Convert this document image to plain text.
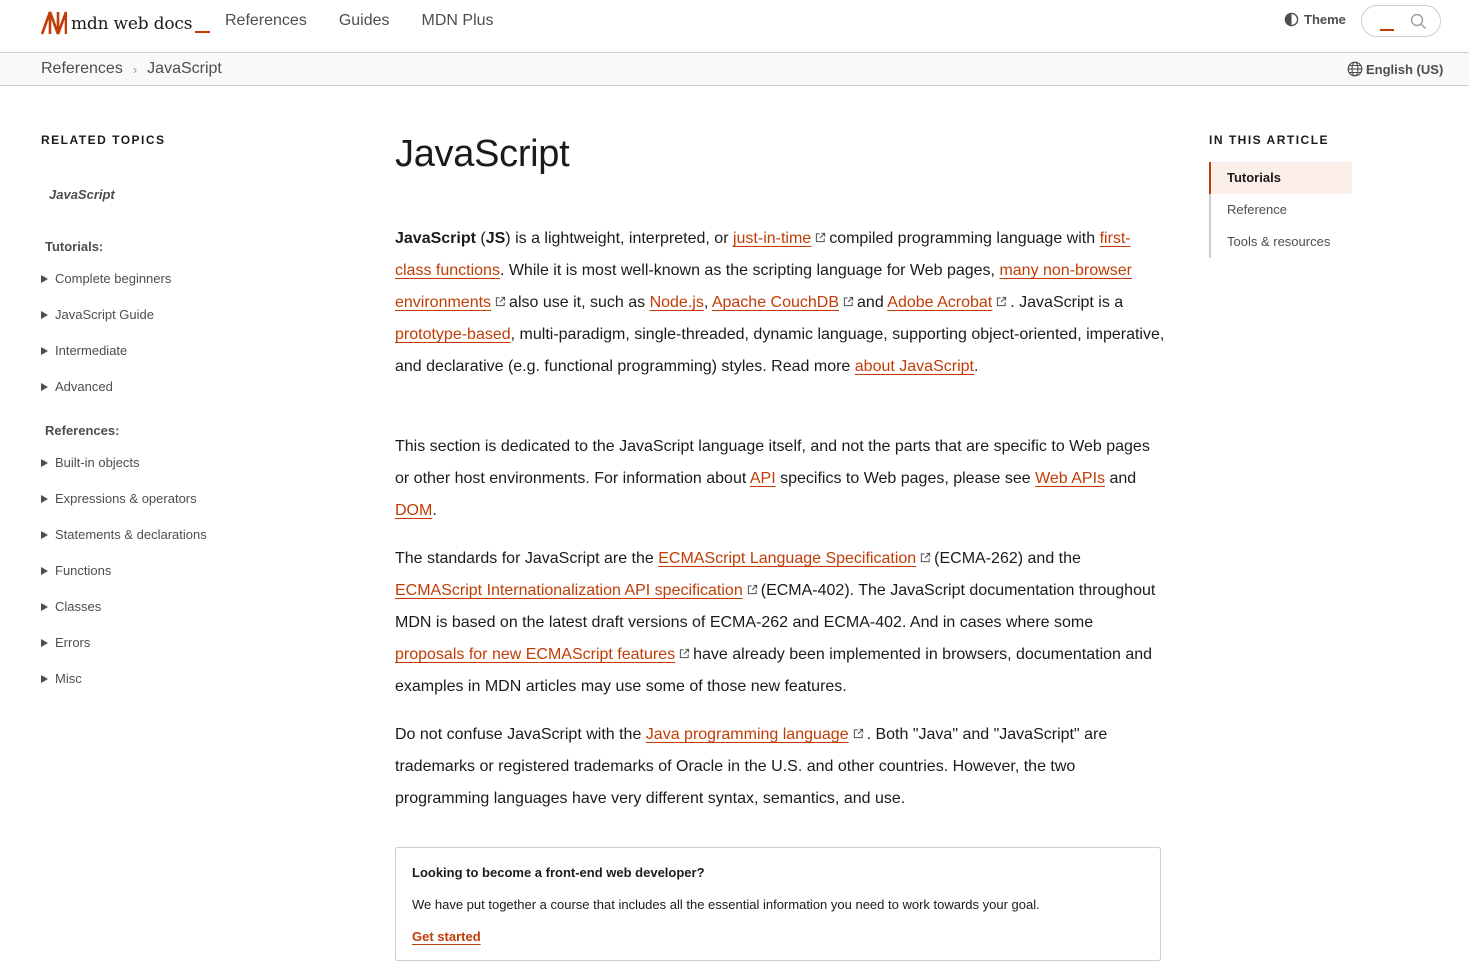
mdn web docs References Guides MDN Plus	Theme
References › JavaScript	English (US)
RELATED TOPICS
JavaScript
Tutorials:
Complete beginners
JavaScript Guide
Intermediate
Advanced
References:
Built-in objects
Expressions & operators
Statements & declarations
Functions
Classes
Errors
Misc
JavaScript

JavaScript (JS) is a lightweight, interpreted, or just-in-time compiled programming language with first-class functions. While it is most well-known as the scripting language for Web pages, many non-browser environments also use it, such as Node.js, Apache CouchDB and Adobe Acrobat . JavaScript is a prototype-based, multi-paradigm, single-threaded, dynamic language, supporting object-oriented, imperative, and declarative (e.g. functional programming) styles. Read more about JavaScript.

This section is dedicated to the JavaScript language itself, and not the parts that are specific to Web pages or other host environments. For information about API specifics to Web pages, please see Web APIs and DOM.

The standards for JavaScript are the ECMAScript Language Specification (ECMA-262) and the ECMAScript Internationalization API specification (ECMA-402). The JavaScript documentation throughout MDN is based on the latest draft versions of ECMA-262 and ECMA-402. And in cases where some proposals for new ECMAScript features have already been implemented in browsers, documentation and examples in MDN articles may use some of those new features.

Do not confuse JavaScript with the Java programming language . Both "Java" and "JavaScript" are trademarks or registered trademarks of Oracle in the U.S. and other countries. However, the two programming languages have very different syntax, semantics, and use.

Looking to become a front-end web developer?
We have put together a course that includes all the essential information you need to work towards your goal.
Get started
IN THIS ARTICLE
Tutorials
Reference
Tools & resources
